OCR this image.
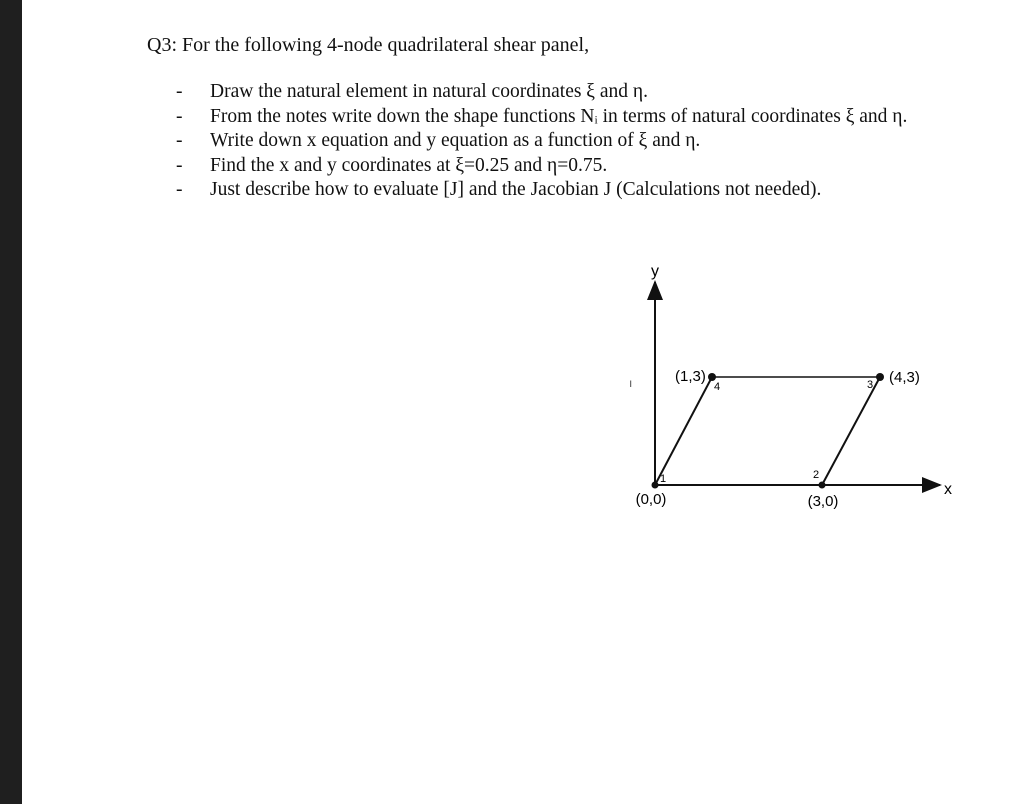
Q3: For the following 4-node quadrilateral shear panel,
- Draw the natural element in natural coordinates ξ and η.
- From the notes write down the shape functions Nᵢ in terms of natural coordinates ξ and η.
- Write down x equation and y equation as a function of ξ and η.
- Find the x and y coordinates at ξ=0.25 and η=0.75.
- Just describe how to evaluate [J] and the Jacobian J (Calculations not needed).
y
x
1	2
3
4
(0,0)	(3,0)
(4,3)
(1,3)
ı
